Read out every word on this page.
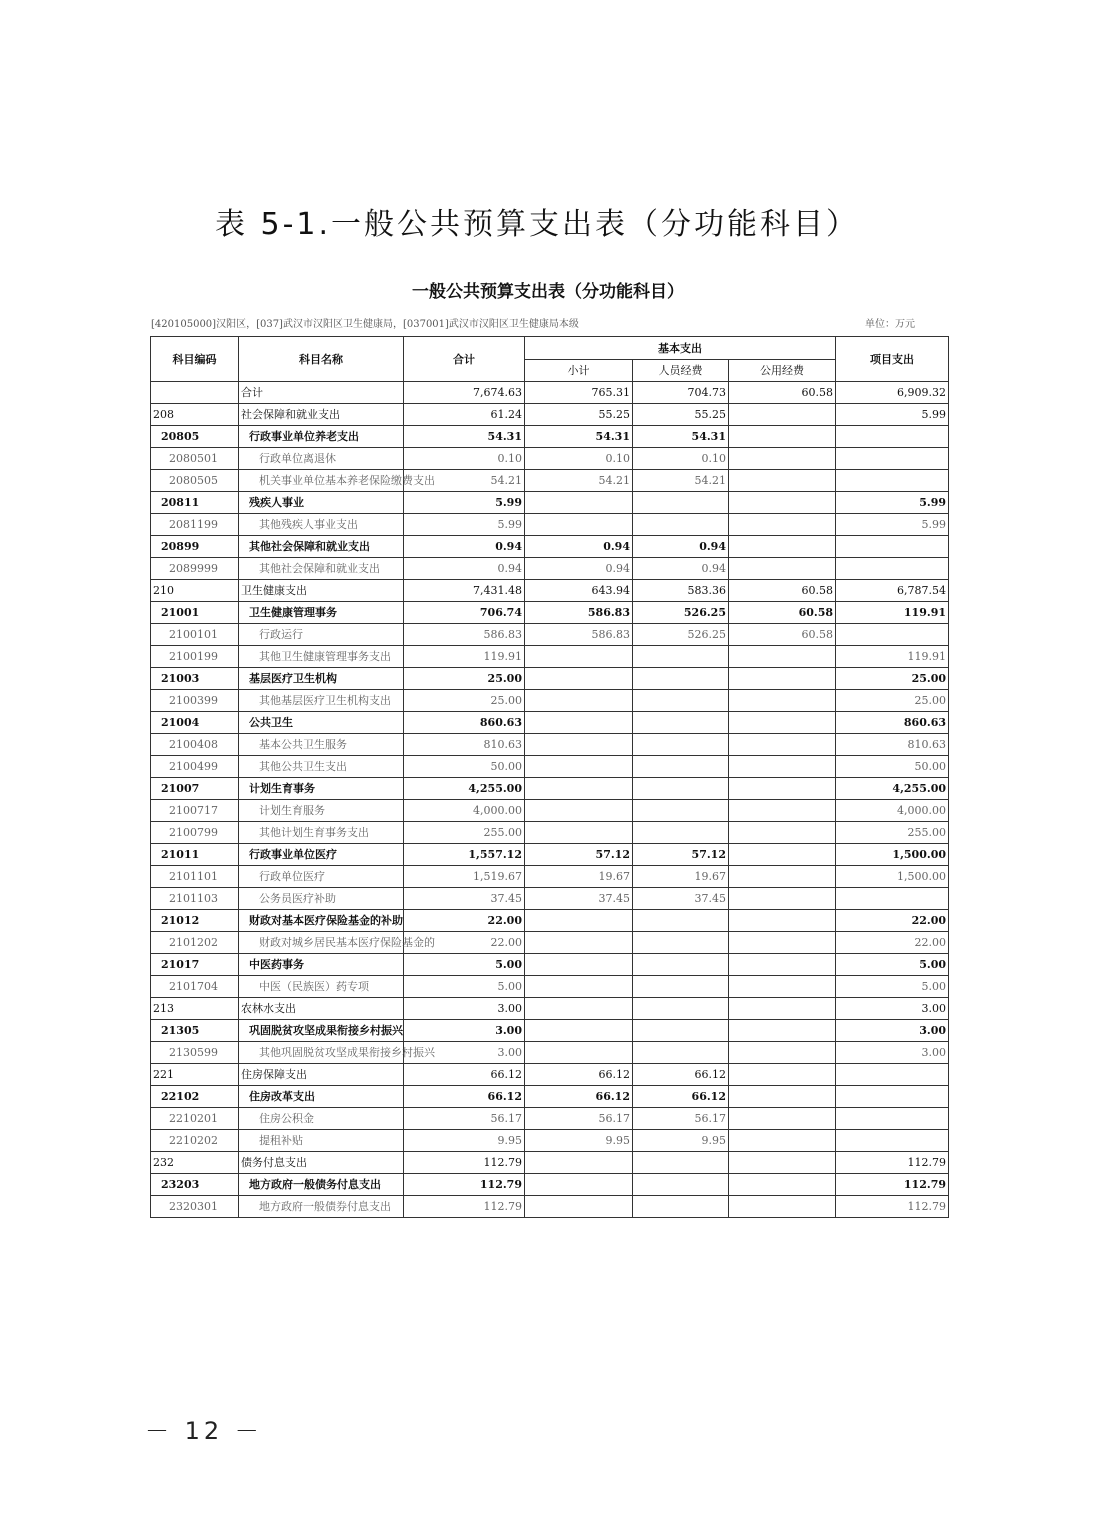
表 5-1.一般公共预算支出表（分功能科目）
一般公共预算支出表（分功能科目）
[420105000]汉阳区，[037]武汉市汉阳区卫生健康局，[037001]武汉市汉阳区卫生健康局本级	单位：万元
科目编码	科目名称	合计	基本支出			项目支出
			小计	人员经费	公用经费	
	合计	7,674.63	765.31	704.73	60.58	6,909.32
208	社会保障和就业支出	61.24	55.25	55.25		5.99
20805	行政事业单位养老支出	54.31	54.31	54.31		
2080501	行政单位离退休	0.10	0.10	0.10		
2080505	机关事业单位基本养老保险缴费支出	54.21	54.21	54.21		
20811	残疾人事业	5.99				5.99
2081199	其他残疾人事业支出	5.99				5.99
20899	其他社会保障和就业支出	0.94	0.94	0.94		
2089999	其他社会保障和就业支出	0.94	0.94	0.94		
210	卫生健康支出	7,431.48	643.94	583.36	60.58	6,787.54
21001	卫生健康管理事务	706.74	586.83	526.25	60.58	119.91
2100101	行政运行	586.83	586.83	526.25	60.58	
2100199	其他卫生健康管理事务支出	119.91				119.91
21003	基层医疗卫生机构	25.00				25.00
2100399	其他基层医疗卫生机构支出	25.00				25.00
21004	公共卫生	860.63				860.63
2100408	基本公共卫生服务	810.63				810.63
2100499	其他公共卫生支出	50.00				50.00
21007	计划生育事务	4,255.00				4,255.00
2100717	计划生育服务	4,000.00				4,000.00
2100799	其他计划生育事务支出	255.00				255.00
21011	行政事业单位医疗	1,557.12	57.12	57.12		1,500.00
2101101	行政单位医疗	1,519.67	19.67	19.67		1,500.00
2101103	公务员医疗补助	37.45	37.45	37.45		
21012	财政对基本医疗保险基金的补助	22.00				22.00
2101202	财政对城乡居民基本医疗保险基金的	22.00				22.00
21017	中医药事务	5.00				5.00
2101704	中医（民族医）药专项	5.00				5.00
213	农林水支出	3.00				3.00
21305	巩固脱贫攻坚成果衔接乡村振兴	3.00				3.00
2130599	其他巩固脱贫攻坚成果衔接乡村振兴	3.00				3.00
221	住房保障支出	66.12	66.12	66.12		
22102	住房改革支出	66.12	66.12	66.12		
2210201	住房公积金	56.17	56.17	56.17		
2210202	提租补贴	9.95	9.95	9.95		
232	债务付息支出	112.79				112.79
23203	地方政府一般债务付息支出	112.79				112.79
2320301	地方政府一般债券付息支出	112.79				112.79
－ 12 －
